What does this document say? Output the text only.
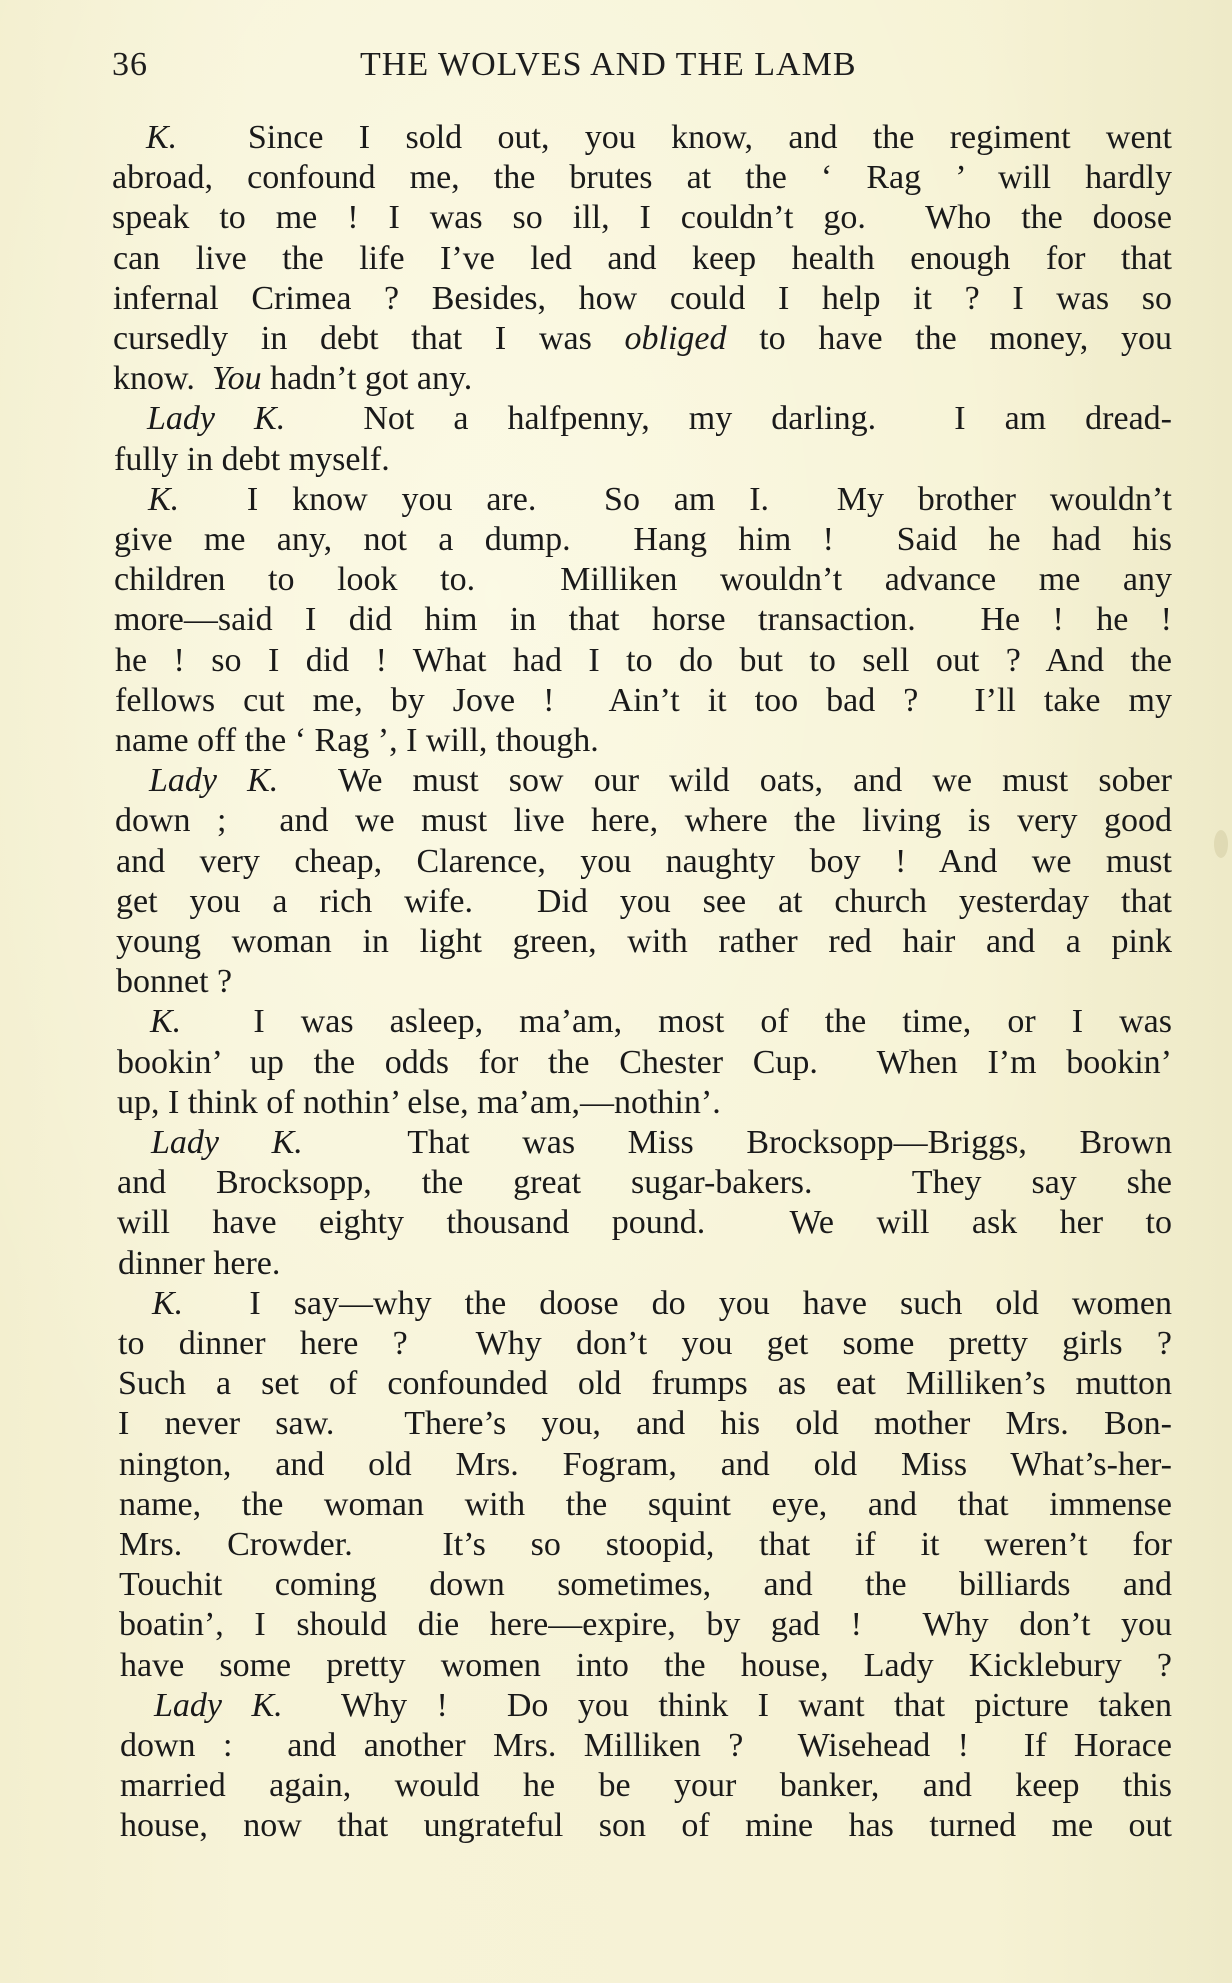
36	THE WOLVES AND THE LAMB
K.  Since I sold out, you know, and the regiment went
abroad, confound me, the brutes at the ‘ Rag ’ will hardly
speak to me ! I was so ill, I couldn’t go.  Who the doose
can live the life I’ve led and keep health enough for that
infernal Crimea ? Besides, how could I help it ? I was so
cursedly in debt that I was obliged to have the money, you
know.  You hadn’t got any.
Lady K.  Not a halfpenny, my darling.  I am dread-
fully in debt myself.
K.  I know you are.  So am I.  My brother wouldn’t
give me any, not a dump.  Hang him !  Said he had his
children to look to.  Milliken wouldn’t advance me any
more—said I did him in that horse transaction.  He ! he !
he ! so I did ! What had I to do but to sell out ? And the
fellows cut me, by Jove !  Ain’t it too bad ?  I’ll take my
name off the ‘ Rag ’, I will, though.
Lady K.  We must sow our wild oats, and we must sober
down ;  and we must live here, where the living is very good
and very cheap, Clarence, you naughty boy ! And we must
get you a rich wife.  Did you see at church yesterday that
young woman in light green, with rather red hair and a pink
bonnet ?
K.  I was asleep, ma’am, most of the time, or I was
bookin’ up the odds for the Chester Cup.  When I’m bookin’
up, I think of nothin’ else, ma’am,—nothin’.
Lady K.  That was Miss Brocksopp—Briggs, Brown
and Brocksopp, the great sugar-bakers.  They say she
will have eighty thousand pound.  We will ask her to
dinner here.
K.  I say—why the doose do you have such old women
to dinner here ?  Why don’t you get some pretty girls ?
Such a set of confounded old frumps as eat Milliken’s mutton
I never saw.  There’s you, and his old mother Mrs. Bon-
nington, and old Mrs. Fogram, and old Miss What’s-her-
name, the woman with the squint eye, and that immense
Mrs. Crowder.  It’s so stoopid, that if it weren’t for
Touchit coming down sometimes, and the billiards and
boatin’, I should die here—expire, by gad !  Why don’t you
have some pretty women into the house, Lady Kicklebury ?
Lady K.  Why !  Do you think I want that picture taken
down :  and another Mrs. Milliken ?  Wisehead !  If Horace
married again, would he be your banker, and keep this
house, now that ungrateful son of mine has turned me out
